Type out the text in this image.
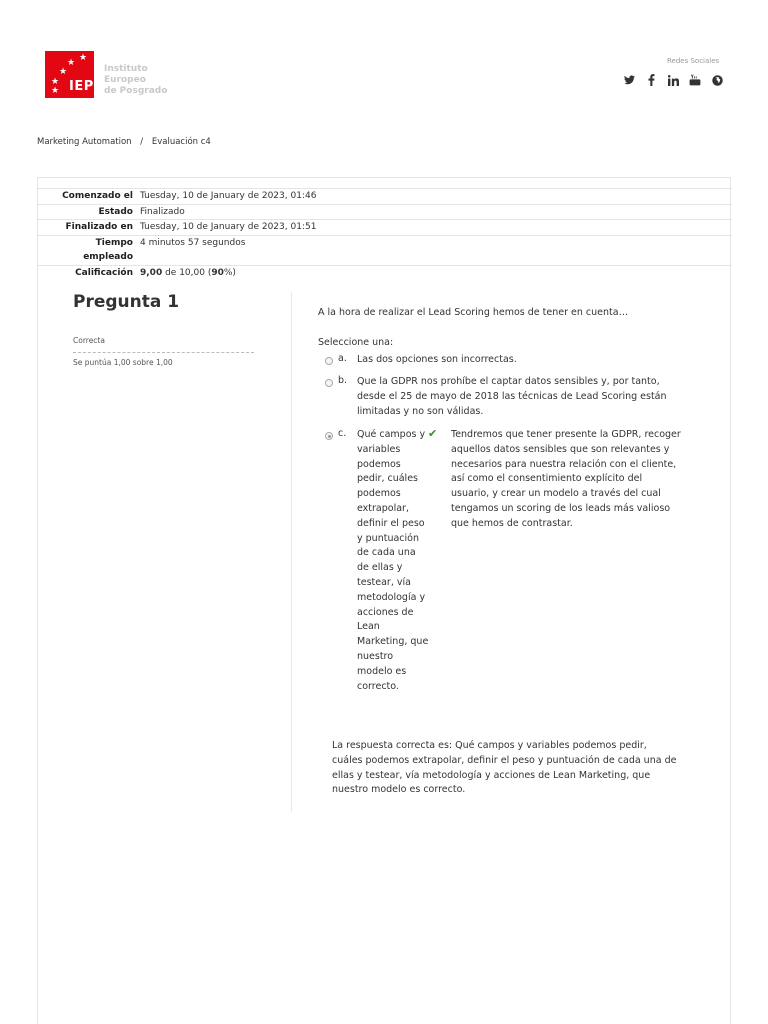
★ ★
★
★
★ IEP
Instituto
Europeo
de Posgrado
Redes Sociales
Marketing Automation / Evaluación c4
Comenzado el Tuesday, 10 de January de 2023, 01:46
Estado Finalizado
Finalizado en Tuesday, 10 de January de 2023, 01:51
Tiempo
empleado
4 minutos 57 segundos
Calificación 9,00 de 10,00 (90%)
Pregunta 1
Correcta
Se puntúa 1,00 sobre 1,00
A la hora de realizar el Lead Scoring hemos de tener en cuenta…
Seleccione una:
a. Las dos opciones son incorrectas.
b. Que la GDPR nos prohíbe el captar datos sensibles y, por tanto, desde el 25 de mayo de 2018 las técnicas de Lead Scoring están limitadas y no son válidas.
c. Qué campos y variables podemos pedir, cuáles podemos extrapolar, definir el peso y puntuación de cada una de ellas y testear, vía metodología y acciones de Lean Marketing, que nuestro modelo es correcto.
✔ Tendremos que tener presente la GDPR, recoger aquellos datos sensibles que son relevantes y necesarios para nuestra relación con el cliente, así como el consentimiento explícito del usuario, y crear un modelo a través del cual tengamos un scoring de los leads más valioso que hemos de contrastar.
La respuesta correcta es: Qué campos y variables podemos pedir, cuáles podemos extrapolar, definir el peso y puntuación de cada una de ellas y testear, vía metodología y acciones de Lean Marketing, que nuestro modelo es correcto.
